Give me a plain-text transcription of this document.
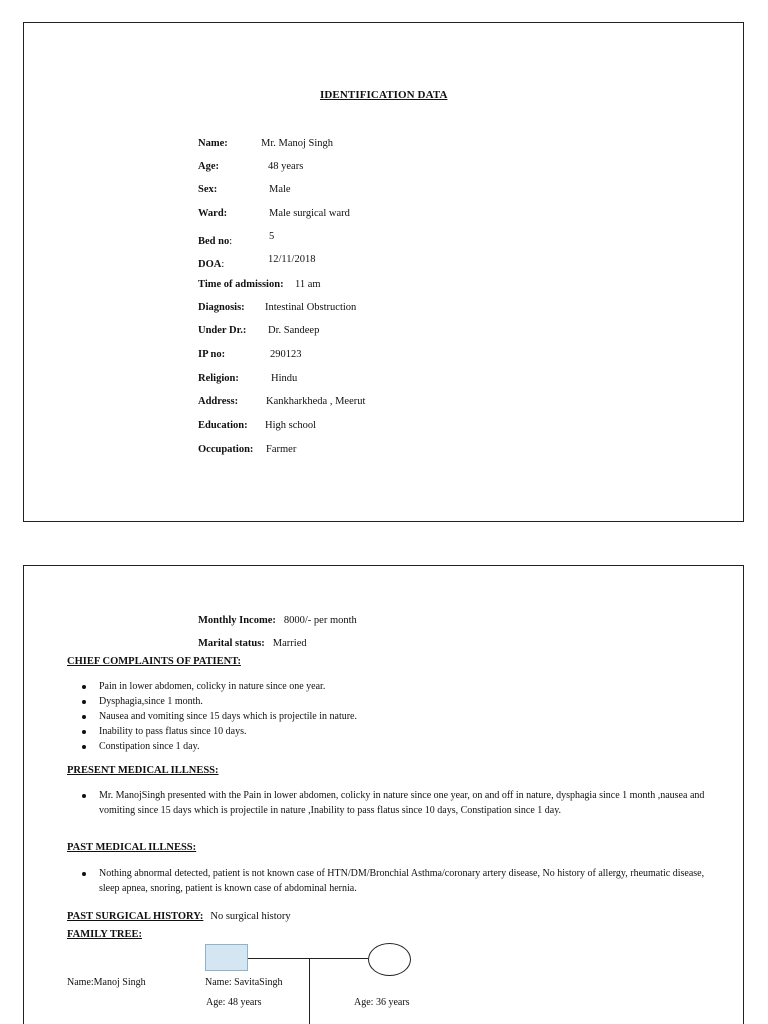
IDENTIFICATION DATA
Name:	Mr. Manoj Singh
Age:	48 years
Sex:	Male
Ward:	Male surgical ward
Bed no:	5
DOA:	12/11/2018
Time of admission: 11 am
Diagnosis: Intestinal Obstruction
Under Dr.: Dr. Sandeep
IP no:	290123
Religion:	Hindu
Address:	Kankharkheda , Meerut
Education: High school
Occupation: Farmer
Monthly Income: 8000/- per month
Marital status: Married
CHIEF COMPLAINTS OF PATIENT:
Pain in lower abdomen, colicky in nature since one year.
Dysphagia,since 1 month.
Nausea and vomiting since 15 days which is projectile in nature.
Inability to pass flatus since 10 days.
Constipation since 1 day.
PRESENT MEDICAL ILLNESS:
Mr. ManojSingh presented with the Pain in lower abdomen, colicky in nature since one year, on and off in nature, dysphagia since 1 month ,nausea and vomiting since 15 days which is projectile in nature ,Inability to pass flatus since 10 days, Constipation since 1 day.
PAST MEDICAL ILLNESS:
Nothing abnormal detected, patient is not known case of HTN/DM/Bronchial Asthma/coronary artery disease, No history of allergy, rheumatic disease, sleep apnea, snoring, patient is known case of abdominal hernia.
PAST SURGICAL HISTORY: No surgical history
FAMILY TREE:
Name:Manoj Singh	Name: SavitaSingh
Age: 48 years	Age: 36 years
